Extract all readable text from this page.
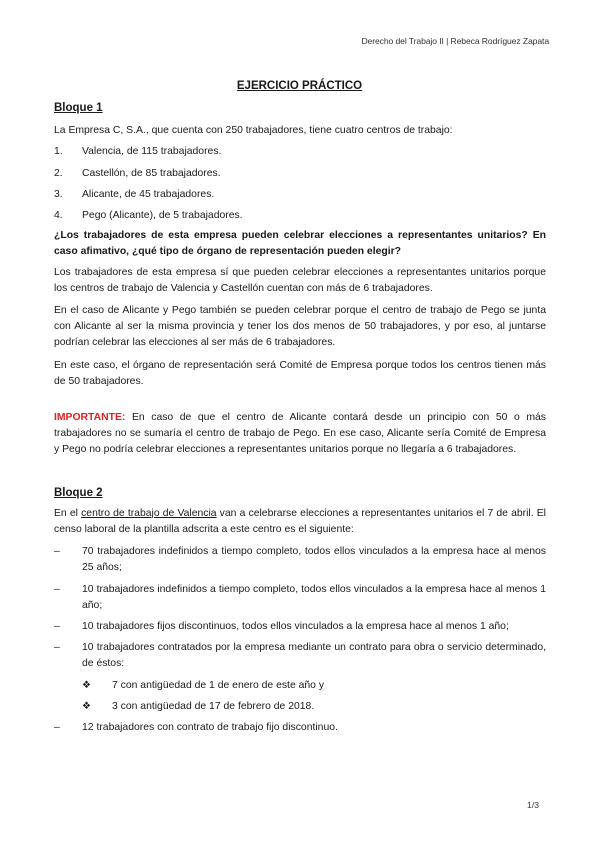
Derecho del Trabajo II | Rebeca Rodríguez Zapata
EJERCICIO PRÁCTICO

Bloque 1

La Empresa C, S.A., que cuenta con 250 trabajadores, tiene cuatro centros de trabajo:

1.	Valencia, de 115 trabajadores.
2.	Castellón, de 85 trabajadores.
3.	Alicante, de 45 trabajadores.
4.	Pego (Alicante), de 5 trabajadores.

¿Los trabajadores de esta empresa pueden celebrar elecciones a representantes unitarios? En caso afimativo, ¿qué tipo de órgano de representación pueden elegir?

Los trabajadores de esta empresa sí que pueden celebrar elecciones a representantes unitarios porque los centros de trabajo de Valencia y Castellón cuentan con más de 6 trabajadores.

En el caso de Alicante y Pego también se pueden celebrar porque el centro de trabajo de Pego se junta con Alicante al ser la misma provincia y tener los dos menos de 50 trabajadores, y por eso, al juntarse podrían celebrar las elecciones al ser más de 6 trabajadores.

En este caso, el órgano de representación será Comité de Empresa porque todos los centros tienen más de 50 trabajadores.

IMPORTANTE: En caso de que el centro de Alicante contará desde un principio con 50 o más trabajadores no se sumaría el centro de trabajo de Pego. En ese caso, Alicante sería Comité de Empresa y Pego no podría celebrar elecciones a representantes unitarios porque no llegaría a 6 trabajadores.

Bloque 2

En el centro de trabajo de Valencia van a celebrarse elecciones a representantes unitarios el 7 de abril. El censo laboral de la plantilla adscrita a este centro es el siguiente:

–	70 trabajadores indefinidos a tiempo completo, todos ellos vinculados a la empresa hace al menos 25 años;
–	10 trabajadores indefinidos a tiempo completo, todos ellos vinculados a la empresa hace al menos 1 año;
–	10 trabajadores fijos discontinuos, todos ellos vinculados a la empresa hace al menos 1 año;
–	10 trabajadores contratados por la empresa mediante un contrato para obra o servicio determinado, de éstos:
❖	7 con antigüedad de 1 de enero de este año y
❖	3 con antigüedad de 17 de febrero de 2018.
–	12 trabajadores con contrato de trabajo fijo discontinuo.
1/3
